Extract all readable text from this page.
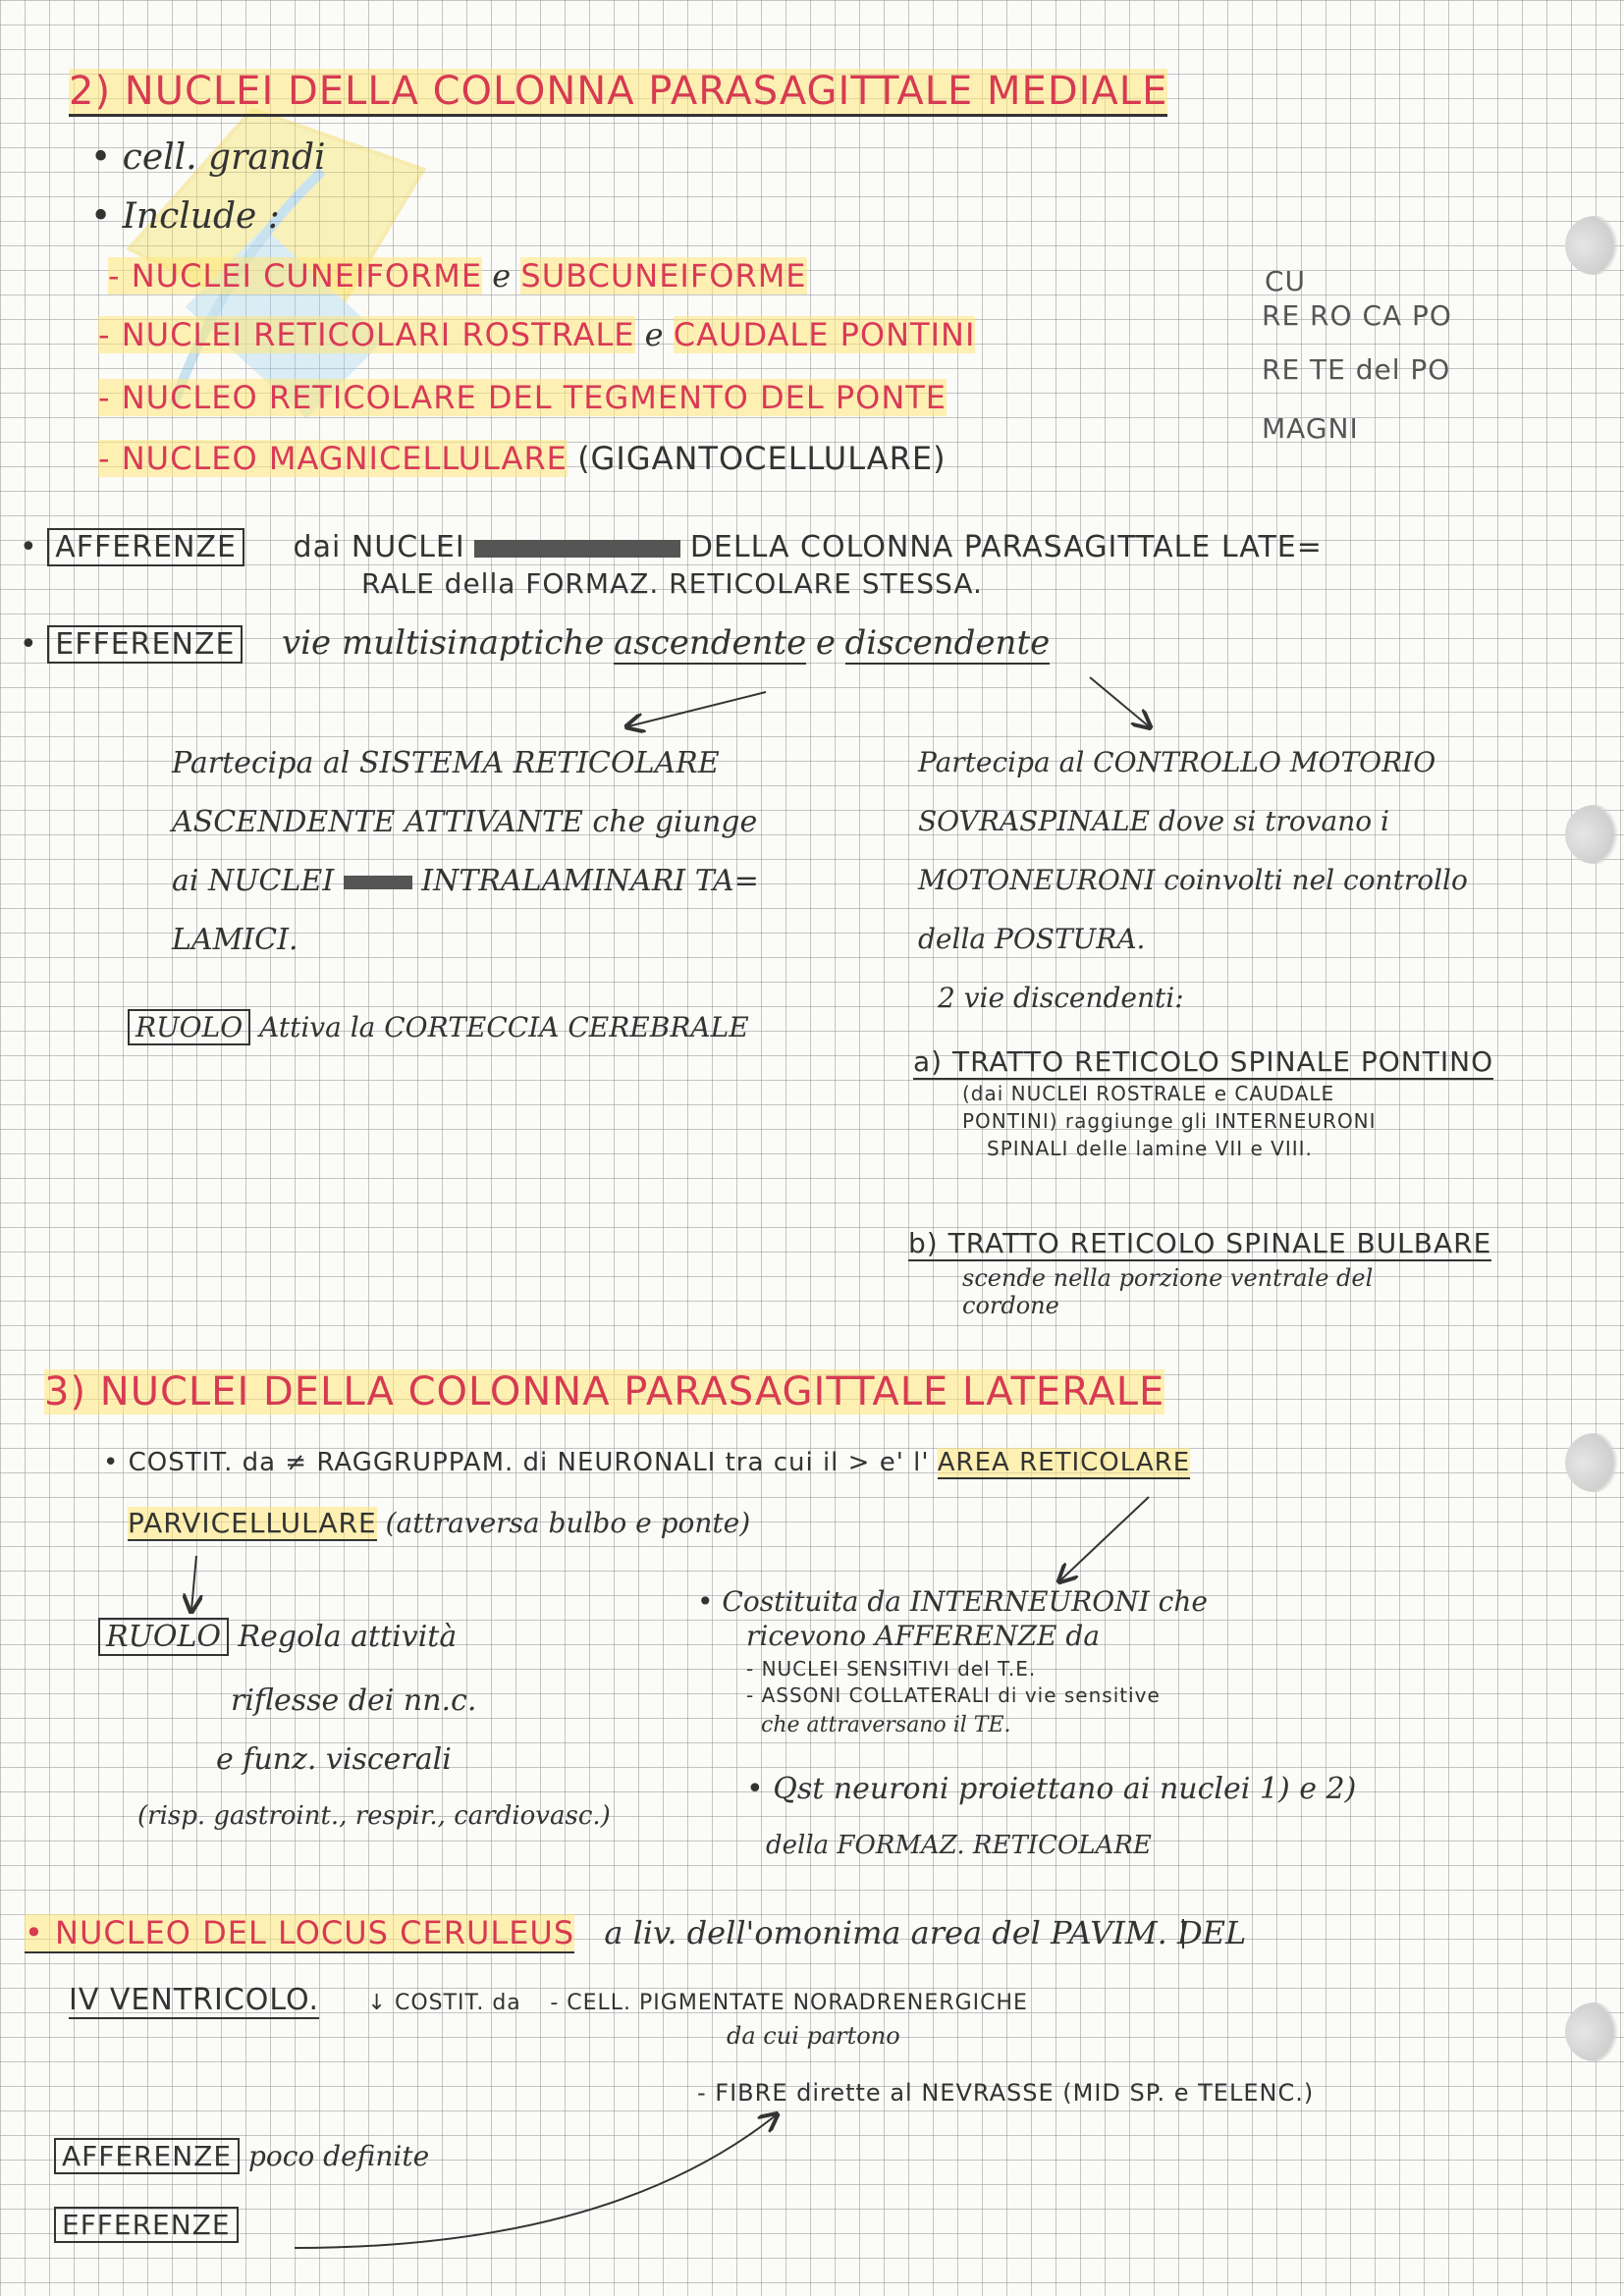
2) NUCLEI DELLA COLONNA PARASAGITTALE MEDIALE
• cell. grandi
• Include :
- NUCLEI CUNEIFORME e SUBCUNEIFORME
- NUCLEI RETICOLARI ROSTRALE e CAUDALE PONTINI
- NUCLEO RETICOLARE DEL TEGMENTO DEL PONTE
- NUCLEO MAGNICELLULARE (GIGANTOCELLULARE)
CU
RE RO CA PO
RE TE del PO
MAGNI
• AFFERENZE dai NUCLEI	DELLA COLONNA PARASAGITTALE LATE=
RALE della FORMAZ. RETICOLARE STESSA.
• EFFERENZE vie multisinaptiche ascendente e discendente
Partecipa al SISTEMA RETICOLARE
ASCENDENTE ATTIVANTE che giunge
ai NUCLEI	INTRALAMINARI TA=
LAMICI.
RUOLO Attiva la CORTECCIA CEREBRALE
Partecipa al CONTROLLO MOTORIO
SOVRASPINALE dove si trovano i
MOTONEURONI coinvolti nel controllo
della POSTURA.
2 vie discendenti:
a) TRATTO RETICOLO SPINALE PONTINO
(dai NUCLEI ROSTRALE e CAUDALE
PONTINI) raggiunge gli INTERNEURONI
SPINALI delle lamine VII e VIII.
b) TRATTO RETICOLO SPINALE BULBARE
scende nella porzione ventrale del
cordone
3) NUCLEI DELLA COLONNA PARASAGITTALE LATERALE
• COSTIT. da ≠ RAGGRUPPAM. di NEURONALI tra cui il > e' l' AREA RETICOLARE
PARVICELLULARE (attraversa bulbo e ponte)
RUOLO Regola attività
riflesse dei nn.c.
e funz. viscerali
(risp. gastroint., respir., cardiovasc.)
• Costituita da INTERNEURONI che
ricevono AFFERENZE da
- NUCLEI SENSITIVI del T.E.
- ASSONI COLLATERALI di vie sensitive
che attraversano il TE.
• Qst neuroni proiettano ai nuclei 1) e 2)
della FORMAZ. RETICOLARE
• NUCLEO DEL LOCUS CERULEUS a liv. dell'omonima area del PAVIM. DEL
IV VENTRICOLO. ↓ COSTIT. da - CELL. PIGMENTATE NORADRENERGICHE
da cui partono
- FIBRE dirette al NEVRASSE (MID SP. e TELENC.)
AFFERENZE poco definite
EFFERENZE
